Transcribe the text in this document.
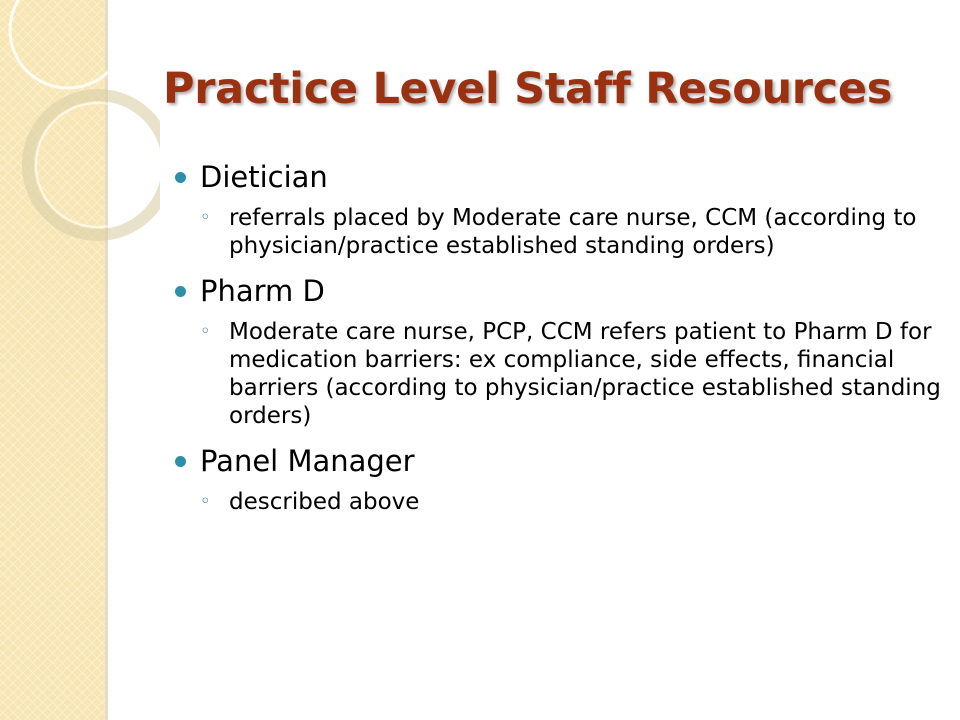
Practice Level Staff Resources
Dietician
◦ referrals placed by Moderate care nurse, CCM (according to physician/practice established standing orders)
Pharm D
◦ Moderate care nurse, PCP, CCM refers patient to Pharm D for medication barriers: ex compliance, side effects, financial barriers (according to physician/practice established standing orders)
Panel Manager
◦ described above
